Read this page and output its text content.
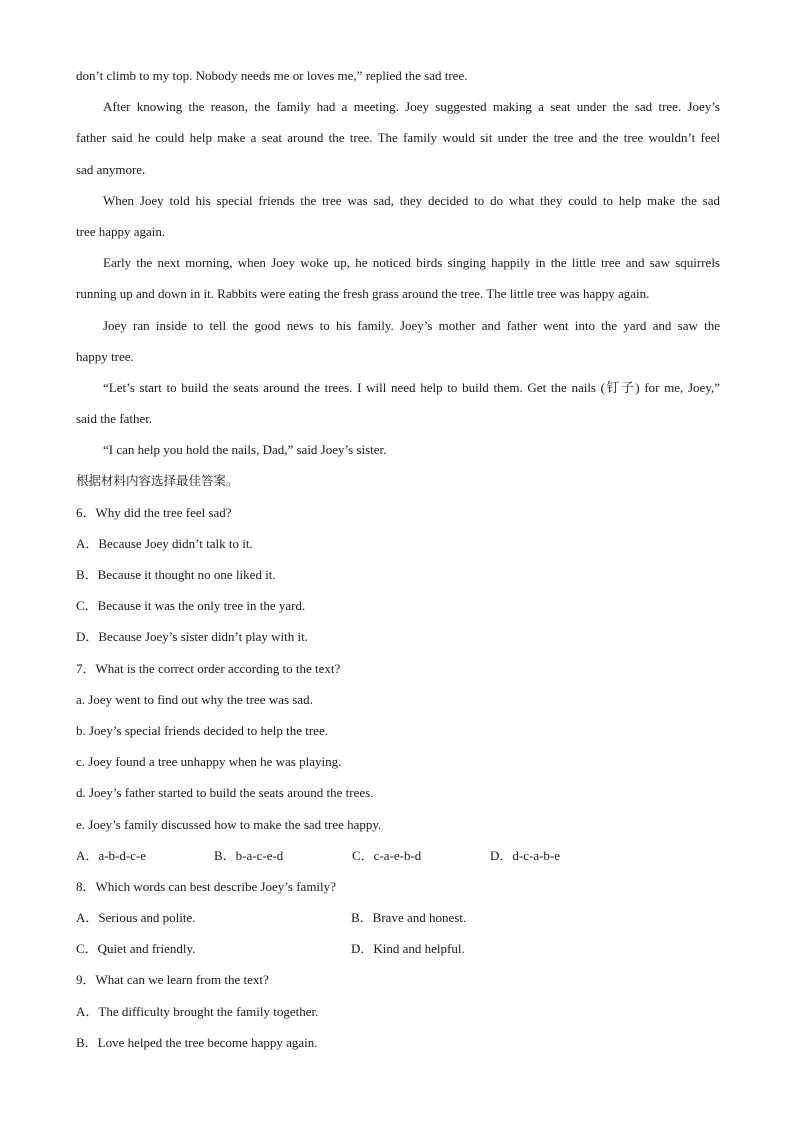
don’t climb to my top. Nobody needs me or loves me,” replied the sad tree.
After knowing the reason, the family had a meeting. Joey suggested making a seat under the sad tree. Joey’s
father said he could help make a seat around the tree. The family would sit under the tree and the tree wouldn’t feel
sad anymore.
When Joey told his special friends the tree was sad, they decided to do what they could to help make the sad
tree happy again.
Early the next morning, when Joey woke up, he noticed birds singing happily in the little tree and saw squirrels
running up and down in it. Rabbits were eating the fresh grass around the tree. The little tree was happy again.
Joey ran inside to tell the good news to his family. Joey’s mother and father went into the yard and saw the
happy tree.
“Let’s start to build the seats around the trees. I will need help to build them. Get the nails (钉子) for me, Joey,”
said the father.
“I can help you hold the nails, Dad,” said Joey’s sister.
根据材料内容选择最佳答案。
6．Why did the tree feel sad?
A．Because Joey didn’t talk to it.
B．Because it thought no one liked it.
C．Because it was the only tree in the yard.
D．Because Joey’s sister didn’t play with it.
7．What is the correct order according to the text?
a. Joey went to find out why the tree was sad.
b. Joey’s special friends decided to help the tree.
c. Joey found a tree unhappy when he was playing.
d. Joey’s father started to build the seats around the trees.
e. Joey’s family discussed how to make the sad tree happy.
A．a-b-d-c-e	B．b-a-c-e-d	C．c-a-e-b-d	D．d-c-a-b-e
8．Which words can best describe Joey’s family?
A．Serious and polite.	B．Brave and honest.
C．Quiet and friendly.	D．Kind and helpful.
9．What can we learn from the text?
A．The difficulty brought the family together.
B．Love helped the tree become happy again.
